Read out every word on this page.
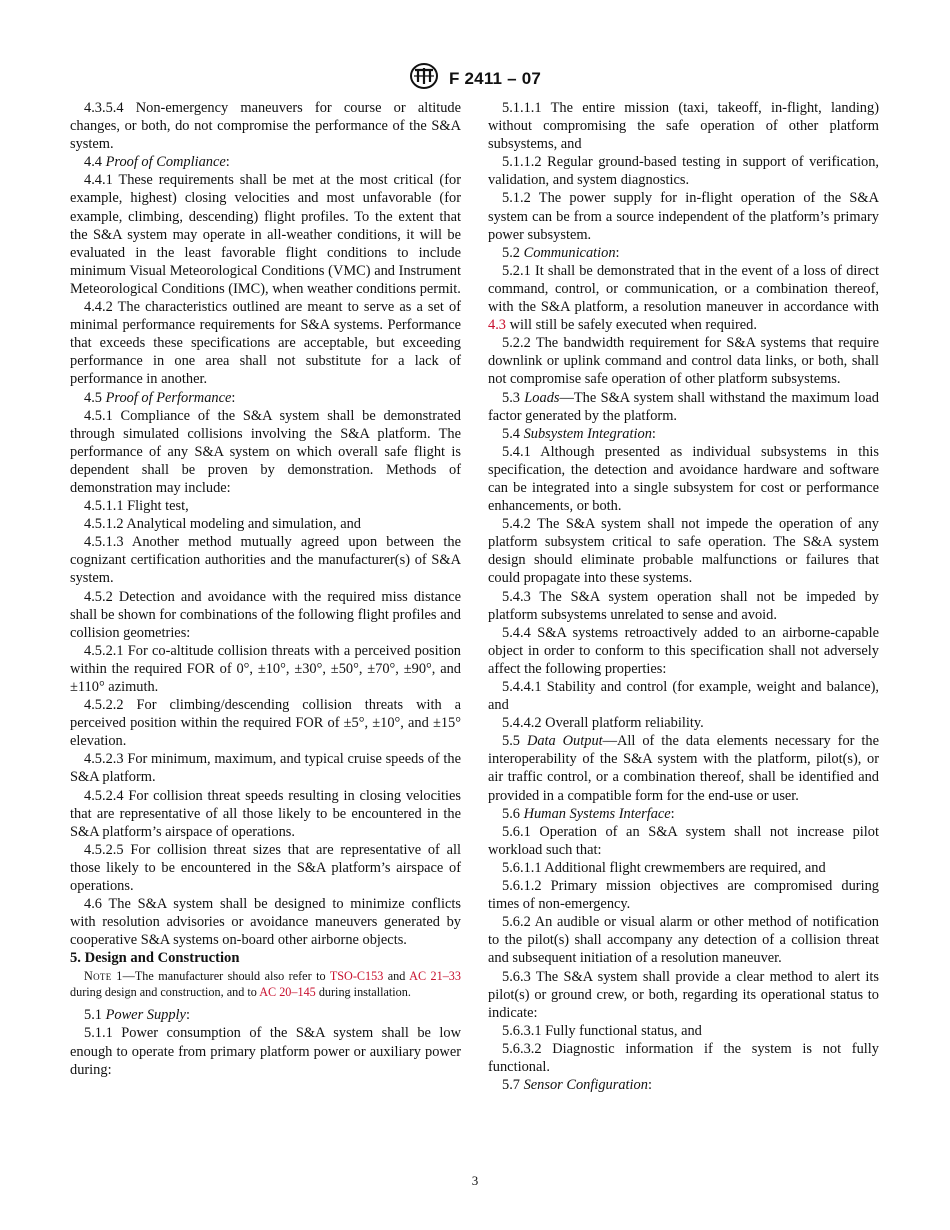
F 2411 – 07

4.3.5.4 Non-emergency maneuvers for course or altitude changes, or both, do not compromise the performance of the S&A system.

4.4 Proof of Compliance:

4.4.1 These requirements shall be met at the most critical (for example, highest) closing velocities and most unfavorable (for example, climbing, descending) flight profiles. To the extent that the S&A system may operate in all-weather conditions, it will be evaluated in the least favorable flight conditions to include minimum Visual Meteorological Conditions (VMC) and Instrument Meteorological Conditions (IMC), when weather conditions permit.

4.4.2 The characteristics outlined are meant to serve as a set of minimal performance requirements for S&A systems. Performance that exceeds these specifications are acceptable, but exceeding performance in one area shall not substitute for a lack of performance in another.

4.5 Proof of Performance:

4.5.1 Compliance of the S&A system shall be demonstrated through simulated collisions involving the S&A platform. The performance of any S&A system on which overall safe flight is dependent shall be proven by demonstration. Methods of demonstration may include:

4.5.1.1 Flight test,

4.5.1.2 Analytical modeling and simulation, and

4.5.1.3 Another method mutually agreed upon between the cognizant certification authorities and the manufacturer(s) of S&A system.

4.5.2 Detection and avoidance with the required miss distance shall be shown for combinations of the following flight profiles and collision geometries:

4.5.2.1 For co-altitude collision threats with a perceived position within the required FOR of 0°, ±10°, ±30°, ±50°, ±70°, ±90°, and ±110° azimuth.

4.5.2.2 For climbing/descending collision threats with a perceived position within the required FOR of ±5°, ±10°, and ±15° elevation.

4.5.2.3 For minimum, maximum, and typical cruise speeds of the S&A platform.

4.5.2.4 For collision threat speeds resulting in closing velocities that are representative of all those likely to be encountered in the S&A platform’s airspace of operations.

4.5.2.5 For collision threat sizes that are representative of all those likely to be encountered in the S&A platform’s airspace of operations.

4.6 The S&A system shall be designed to minimize conflicts with resolution advisories or avoidance maneuvers generated by cooperative S&A systems on-board other airborne objects.

5. Design and Construction

Note 1—The manufacturer should also refer to TSO-C153 and AC 21–33 during design and construction, and to AC 20–145 during installation.

5.1 Power Supply:

5.1.1 Power consumption of the S&A system shall be low enough to operate from primary platform power or auxiliary power during:

5.1.1.1 The entire mission (taxi, takeoff, in-flight, landing) without compromising the safe operation of other platform subsystems, and

5.1.1.2 Regular ground-based testing in support of verification, validation, and system diagnostics.

5.1.2 The power supply for in-flight operation of the S&A system can be from a source independent of the platform’s primary power subsystem.

5.2 Communication:

5.2.1 It shall be demonstrated that in the event of a loss of direct command, control, or communication, or a combination thereof, with the S&A platform, a resolution maneuver in accordance with 4.3 will still be safely executed when required.

5.2.2 The bandwidth requirement for S&A systems that require downlink or uplink command and control data links, or both, shall not compromise safe operation of other platform subsystems.

5.3 Loads—The S&A system shall withstand the maximum load factor generated by the platform.

5.4 Subsystem Integration:

5.4.1 Although presented as individual subsystems in this specification, the detection and avoidance hardware and software can be integrated into a single subsystem for cost or performance enhancements, or both.

5.4.2 The S&A system shall not impede the operation of any platform subsystem critical to safe operation. The S&A system design should eliminate probable malfunctions or failures that could propagate into these systems.

5.4.3 The S&A system operation shall not be impeded by platform subsystems unrelated to sense and avoid.

5.4.4 S&A systems retroactively added to an airborne-capable object in order to conform to this specification shall not adversely affect the following properties:

5.4.4.1 Stability and control (for example, weight and balance), and

5.4.4.2 Overall platform reliability.

5.5 Data Output—All of the data elements necessary for the interoperability of the S&A system with the platform, pilot(s), or air traffic control, or a combination thereof, shall be identified and provided in a compatible form for the end-use or user.

5.6 Human Systems Interface:

5.6.1 Operation of an S&A system shall not increase pilot workload such that:

5.6.1.1 Additional flight crewmembers are required, and

5.6.1.2 Primary mission objectives are compromised during times of non-emergency.

5.6.2 An audible or visual alarm or other method of notification to the pilot(s) shall accompany any detection of a collision threat and subsequent initiation of a resolution maneuver.

5.6.3 The S&A system shall provide a clear method to alert its pilot(s) or ground crew, or both, regarding its operational status to indicate:

5.6.3.1 Fully functional status, and

5.6.3.2 Diagnostic information if the system is not fully functional.

5.7 Sensor Configuration:

3
